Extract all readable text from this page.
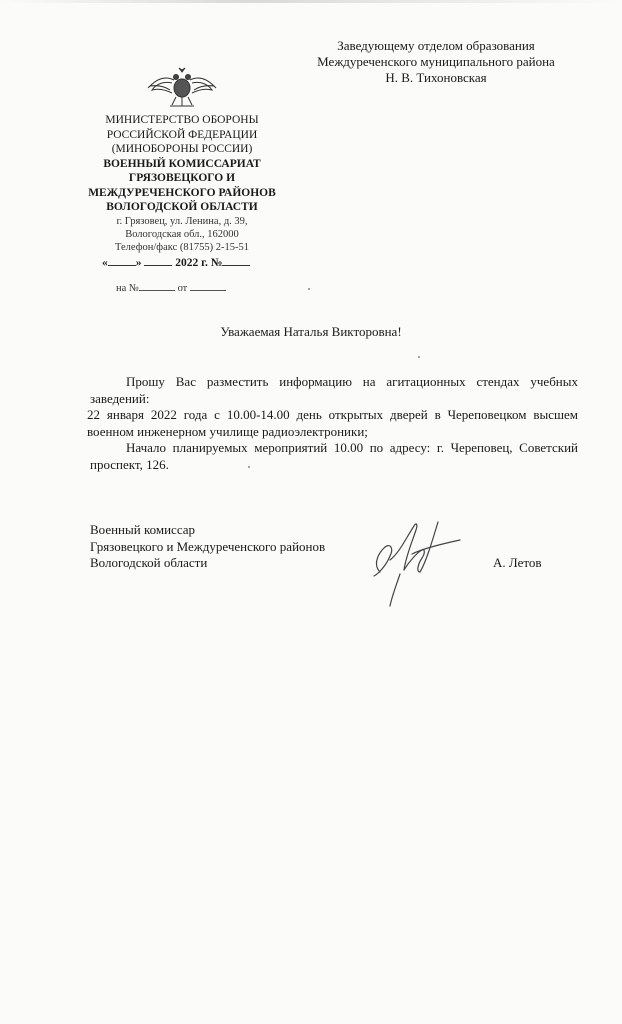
Заведующему отделом образования
Междуреченского муниципального района
Н. В. Тихоновская
МИНИСТЕРСТВО ОБОРОНЫ
РОССИЙСКОЙ ФЕДЕРАЦИИ
(МИНОБОРОНЫ РОССИИ)
ВОЕННЫЙ КОМИССАРИАТ
ГРЯЗОВЕЦКОГО И
МЕЖДУРЕЧЕНСКОГО РАЙОНОВ
ВОЛОГОДСКОЙ ОБЛАСТИ
г. Грязовец, ул. Ленина, д. 39,
Вологодская обл., 162000
Телефон/факс (81755) 2-15-51
« »	2022 г. №
на №	от
Уважаемая Наталья Викторовна!

Прошу Вас разместить информацию на агитационных стендах учебных заведений:

22 января 2022 года с 10.00-14.00 день открытых дверей в Череповецком высшем военном инженерном училище радиоэлектроники;

Начало планируемых мероприятий 10.00 по адресу: г. Череповец, Советский проспект, 126.

Военный комиссар
Грязовецкого и Междуреченского районов
Вологодской области	А. Летов
